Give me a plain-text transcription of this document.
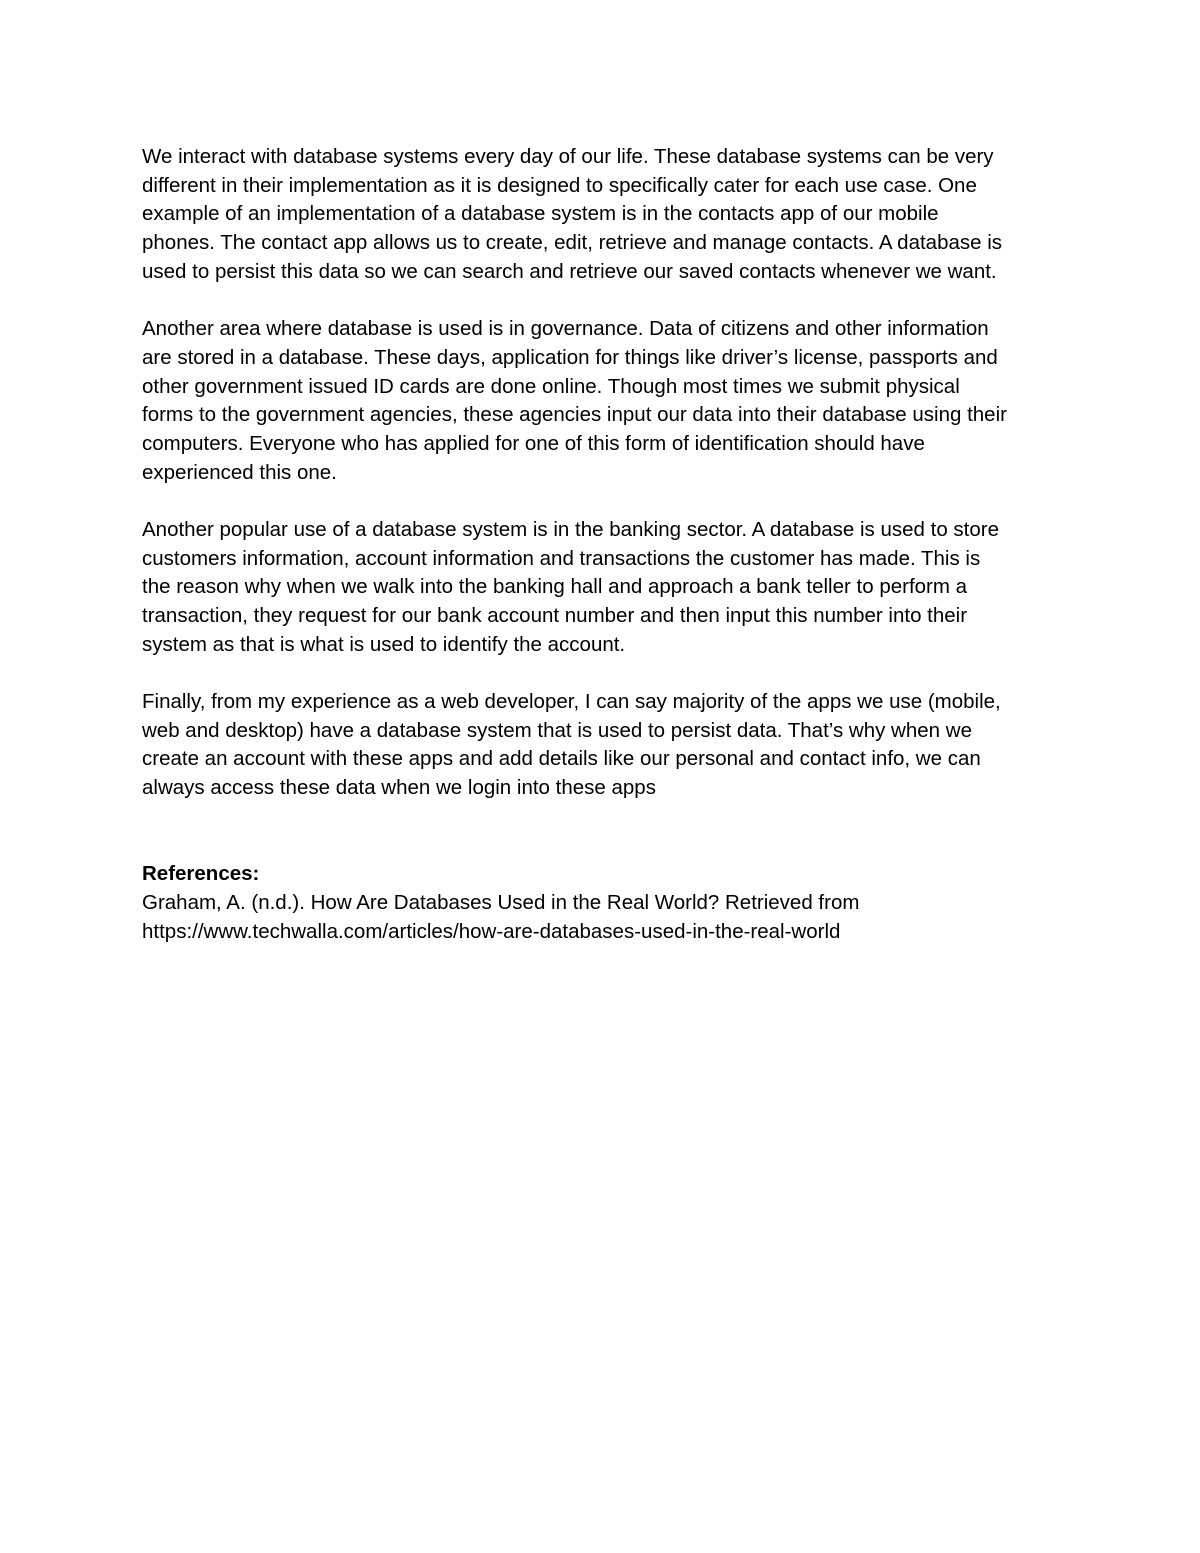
We interact with database systems every day of our life. These database systems can be very
different in their implementation as it is designed to specifically cater for each use case. One
example of an implementation of a database system is in the contacts app of our mobile
phones. The contact app allows us to create, edit, retrieve and manage contacts. A database is
used to persist this data so we can search and retrieve our saved contacts whenever we want.
Another area where database is used is in governance. Data of citizens and other information
are stored in a database. These days, application for things like driver’s license, passports and
other government issued ID cards are done online. Though most times we submit physical
forms to the government agencies, these agencies input our data into their database using their
computers. Everyone who has applied for one of this form of identification should have
experienced this one.
Another popular use of a database system is in the banking sector. A database is used to store
customers information, account information and transactions the customer has made. This is
the reason why when we walk into the banking hall and approach a bank teller to perform a
transaction, they request for our bank account number and then input this number into their
system as that is what is used to identify the account.
Finally, from my experience as a web developer, I can say majority of the apps we use (mobile,
web and desktop) have a database system that is used to persist data. That’s why when we
create an account with these apps and add details like our personal and contact info, we can
always access these data when we login into these apps
References:
Graham, A. (n.d.). How Are Databases Used in the Real World? Retrieved from
https://www.techwalla.com/articles/how-are-databases-used-in-the-real-world
